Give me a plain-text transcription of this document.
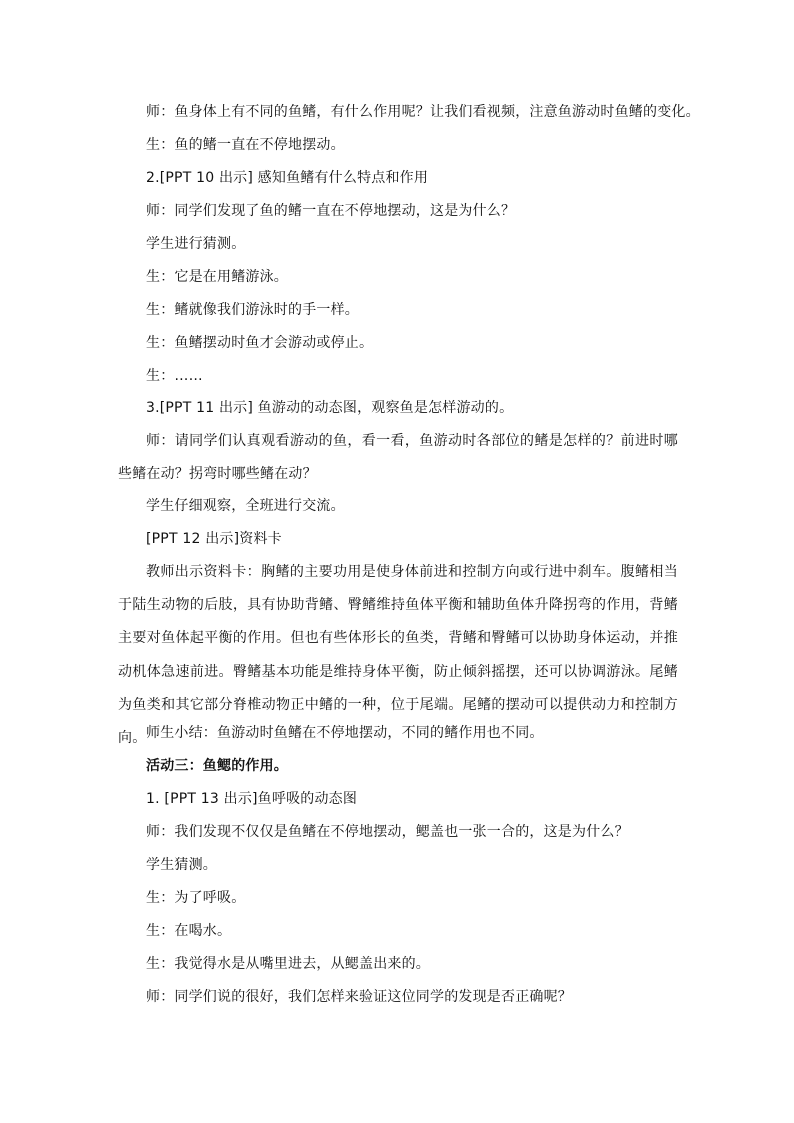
师：鱼身体上有不同的鱼鳍，有什么作用呢？让我们看视频，注意鱼游动时鱼鳍的变化。
生：鱼的鳍一直在不停地摆动。
2.[PPT 10 出示] 感知鱼鳍有什么特点和作用
师：同学们发现了鱼的鳍一直在不停地摆动，这是为什么？
学生进行猜测。
生：它是在用鳍游泳。
生：鳍就像我们游泳时的手一样。
生：鱼鳍摆动时鱼才会游动或停止。
生：……
3.[PPT 11 出示] 鱼游动的动态图，观察鱼是怎样游动的。
师：请同学们认真观看游动的鱼，看一看，鱼游动时各部位的鳍是怎样的？前进时哪些鳍在动？拐弯时哪些鳍在动？
学生仔细观察，全班进行交流。
[PPT 12 出示]资料卡
教师出示资料卡：胸鳍的主要功用是使身体前进和控制方向或行进中刹车。腹鳍相当于陆生动物的后肢，具有协助背鳍、臀鳍维持鱼体平衡和辅助鱼体升降拐弯的作用，背鳍主要对鱼体起平衡的作用。但也有些体形长的鱼类，背鳍和臀鳍可以协助身体运动，并推动机体急速前进。臀鳍基本功能是维持身体平衡，防止倾斜摇摆，还可以协调游泳。尾鳍为鱼类和其它部分脊椎动物正中鳍的一种，位于尾端。尾鳍的摆动可以提供动力和控制方向。 师生小结：鱼游动时鱼鳍在不停地摆动，不同的鳍作用也不同。
活动三：鱼鳃的作用。
1. [PPT 13 出示]鱼呼吸的动态图
师：我们发现不仅仅是鱼鳍在不停地摆动，鳃盖也一张一合的，这是为什么？
学生猜测。
生：为了呼吸。
生：在喝水。
生：我觉得水是从嘴里进去，从鳃盖出来的。
师：同学们说的很好，我们怎样来验证这位同学的发现是否正确呢？
